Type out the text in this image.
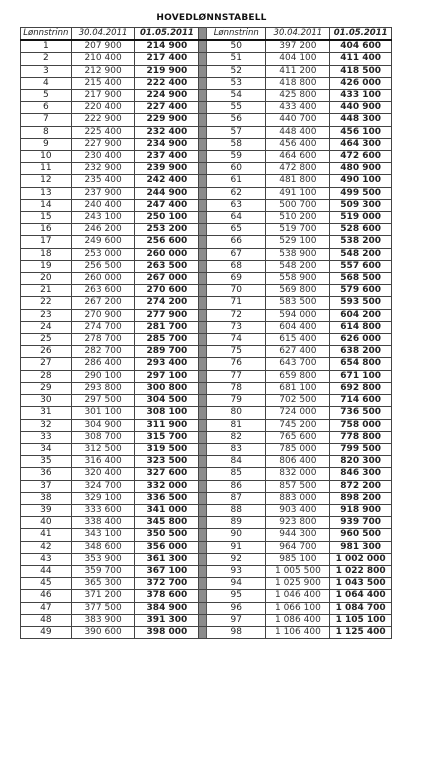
HOVEDLØNNSTABELL
Lønnstrinn	30.04.2011	01.05.2011		Lønnstrinn	30.04.2011	01.05.2011
1	207 900	214 900		50	397 200	404 600
2	210 400	217 400		51	404 100	411 400
3	212 900	219 900		52	411 200	418 500
4	215 400	222 400		53	418 800	426 000
5	217 900	224 900		54	425 800	433 100
6	220 400	227 400		55	433 400	440 900
7	222 900	229 900		56	440 700	448 300
8	225 400	232 400		57	448 400	456 100
9	227 900	234 900		58	456 400	464 300
10	230 400	237 400		59	464 600	472 600
11	232 900	239 900		60	472 800	480 900
12	235 400	242 400		61	481 800	490 100
13	237 900	244 900		62	491 100	499 500
14	240 400	247 400		63	500 700	509 300
15	243 100	250 100		64	510 200	519 000
16	246 200	253 200		65	519 700	528 600
17	249 600	256 600		66	529 100	538 200
18	253 000	260 000		67	538 900	548 200
19	256 500	263 500		68	548 200	557 600
20	260 000	267 000		69	558 900	568 500
21	263 600	270 600		70	569 800	579 600
22	267 200	274 200		71	583 500	593 500
23	270 900	277 900		72	594 000	604 200
24	274 700	281 700		73	604 400	614 800
25	278 700	285 700		74	615 400	626 000
26	282 700	289 700		75	627 400	638 200
27	286 400	293 400		76	643 700	654 800
28	290 100	297 100		77	659 800	671 100
29	293 800	300 800		78	681 100	692 800
30	297 500	304 500		79	702 500	714 600
31	301 100	308 100		80	724 000	736 500
32	304 900	311 900		81	745 200	758 000
33	308 700	315 700		82	765 600	778 800
34	312 500	319 500		83	785 000	799 500
35	316 400	323 500		84	806 400	820 300
36	320 400	327 600		85	832 000	846 300
37	324 700	332 000		86	857 500	872 200
38	329 100	336 500		87	883 000	898 200
39	333 600	341 000		88	903 400	918 900
40	338 400	345 800		89	923 800	939 700
41	343 100	350 500		90	944 300	960 500
42	348 600	356 000		91	964 700	981 300
43	353 900	361 300		92	985 100	1 002 000
44	359 700	367 100		93	1 005 500	1 022 800
45	365 300	372 700		94	1 025 900	1 043 500
46	371 200	378 600		95	1 046 400	1 064 400
47	377 500	384 900		96	1 066 100	1 084 700
48	383 900	391 300		97	1 086 400	1 105 100
49	390 600	398 000		98	1 106 400	1 125 400
